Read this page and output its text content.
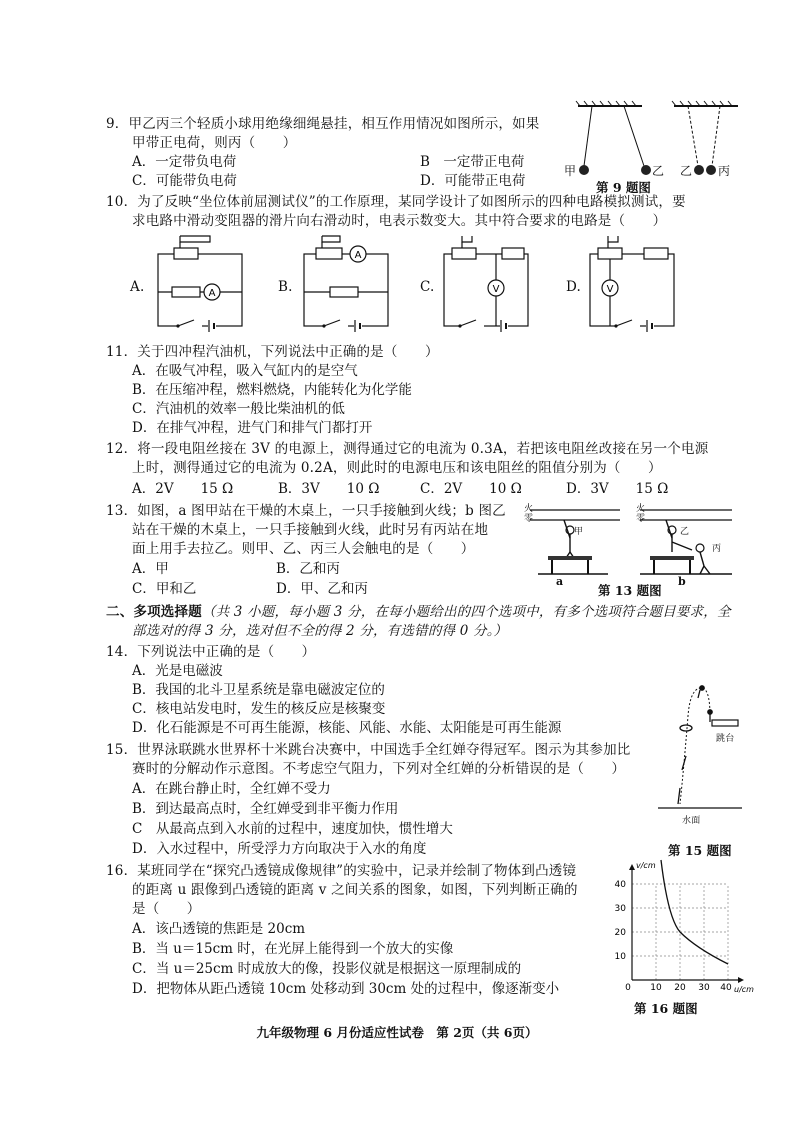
9．甲乙丙三个轻质小球用绝缘细绳悬挂，相互作用情况如图所示，如果
甲带正电荷，则丙（　　）
A．一定带负电荷	B　一定带正电荷
C．可能带负电荷	D．可能带正电荷
甲	乙 乙 丙
第 9 题图
10．为了反映“坐位体前屈测试仪”的工作原理，某同学设计了如图所示的四种电路模拟测试，要
求电路中滑动变阻器的滑片向右滑动时，电表示数变大。其中符合要求的电路是（　　）
A.	A	B.
A
C.	V	D.	V
11．关于四冲程汽油机，下列说法中正确的是（　　）
A．在吸气冲程，吸入气缸内的是空气
B．在压缩冲程，燃料燃烧，内能转化为化学能
C．汽油机的效率一般比柴油机的低
D．在排气冲程，进气门和排气门都打开
12．将一段电阻丝接在 3V 的电源上，测得通过它的电流为 0.3A，若把该电阻丝改接在另一个电源
上时，测得通过它的电流为 0.2A，则此时的电源电压和该电阻丝的阻值分别为（　　）
A．2V　　15 Ω	B．3V　　10 Ω	C．2V　　10 Ω	D．3V　　15 Ω
13．如图，a 图甲站在干燥的木桌上，一只手接触到火线；b 图乙
站在干燥的木桌上，一只手接触到火线，此时另有丙站在地
面上用手去拉乙。则甲、乙、丙三人会触电的是（　　）
A．甲	B．乙和丙
C．甲和乙	D．甲、乙和丙
火
零
火
零
甲	乙
丙
a	b
第 13 题图
二、多项选择题（共 3 小题，每小题 3 分，在每小题给出的四个选项中，有多个选项符合题目要求，全
部选对的得 3 分，选对但不全的得 2 分，有选错的得 0 分。）
14．下列说法中正确的是（　　）
A．光是电磁波
B．我国的北斗卫星系统是靠电磁波定位的
C．核电站发电时，发生的核反应是核聚变
D．化石能源是不可再生能源，核能、风能、水能、太阳能是可再生能源
15．世界泳联跳水世界杯十米跳台决赛中，中国选手全红婵夺得冠军。图示为其参加比
赛时的分解动作示意图。不考虑空气阻力，下列对全红婵的分析错误的是（　　）
A．在跳台静止时，全红婵不受力
B．到达最高点时，全红婵受到非平衡力作用
C　从最高点到入水前的过程中，速度加快，惯性增大
D．入水过程中，所受浮力方向取决于入水的角度
跳台
水面
第 15 题图
16．某班同学在“探究凸透镜成像规律”的实验中，记录并绘制了物体到凸透镜
的距离 u 跟像到凸透镜的距离 v 之间关系的图象，如图，下列判断正确的
是（　　）
A．该凸透镜的焦距是 20cm
B．当 u＝15cm 时，在光屏上能得到一个放大的实像
C．当 u＝25cm 时成放大的像，投影仪就是根据这一原理制成的
D．把物体从距凸透镜 10cm 处移动到 30cm 处的过程中，像逐渐变小
40
30
20
10
0 10 20 30 40
v/cm
u/cm
第 16 题图
九年级物理 6 月份适应性试卷　第 2页（共 6页）
